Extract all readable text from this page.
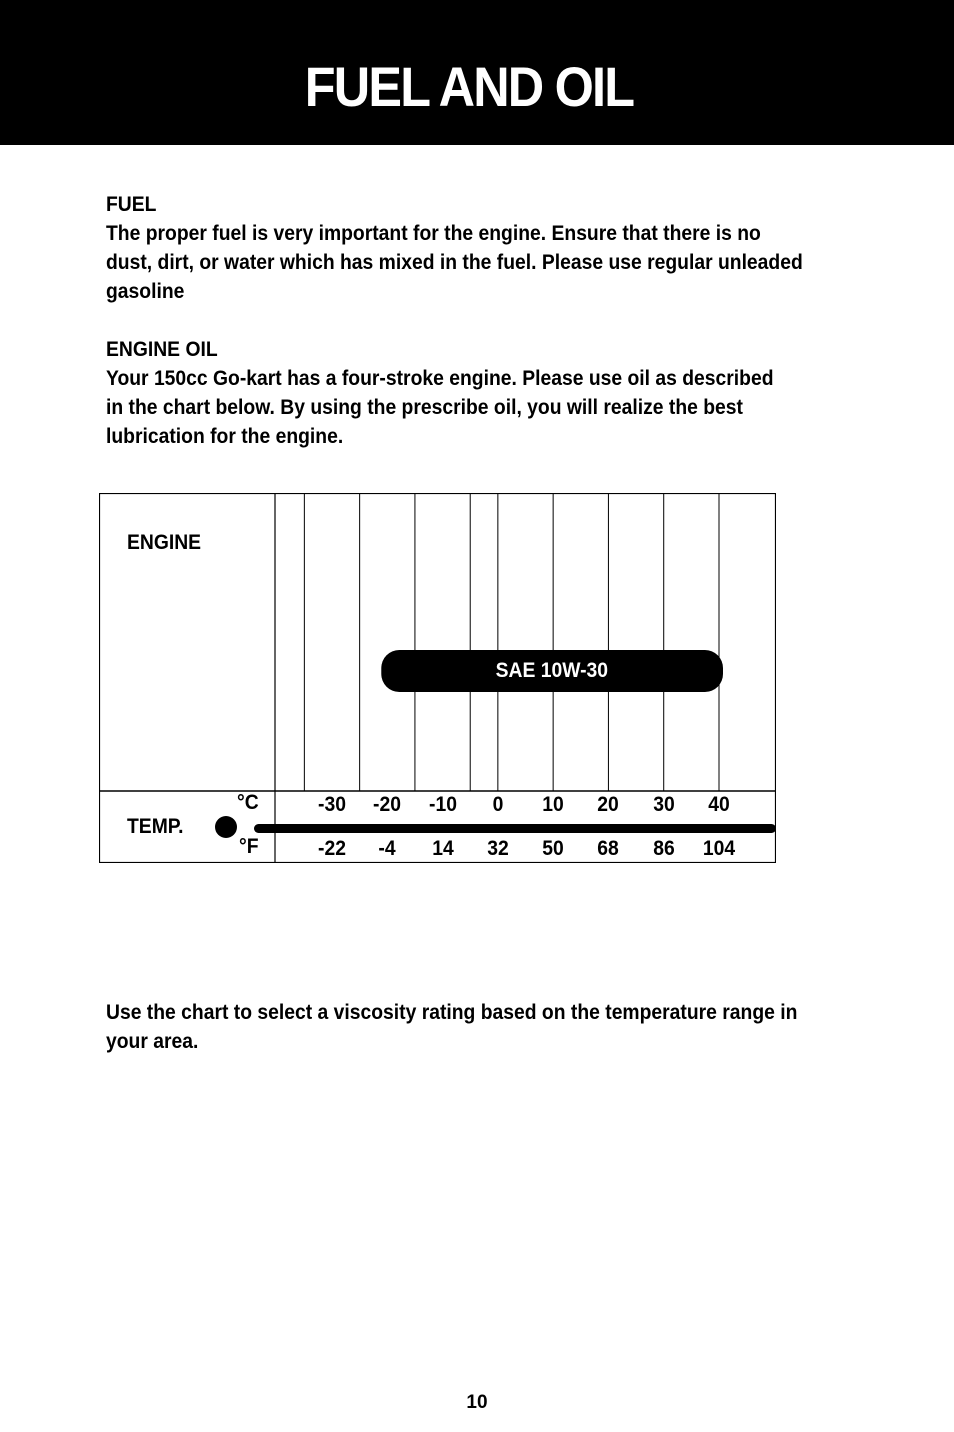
FUEL AND OIL

FUEL

The proper fuel is very important for the engine. Ensure that there is no
dust, dirt, or water which has mixed in the fuel. Please use regular unleaded
gasoline

ENGINE OIL

Your 150cc Go-kart has a four-stroke engine. Please use oil as described
in the chart below. By using the prescribe oil, you will realize the best
lubrication for the engine.

ENGINE
TEMP.
°C
°F
-30
-22
-20
-4
-10
14
0
32
10
50
20
68
30
86
40
104
SAE 10W-30
Use the chart to select a viscosity rating based on the temperature range in
your area.
10
